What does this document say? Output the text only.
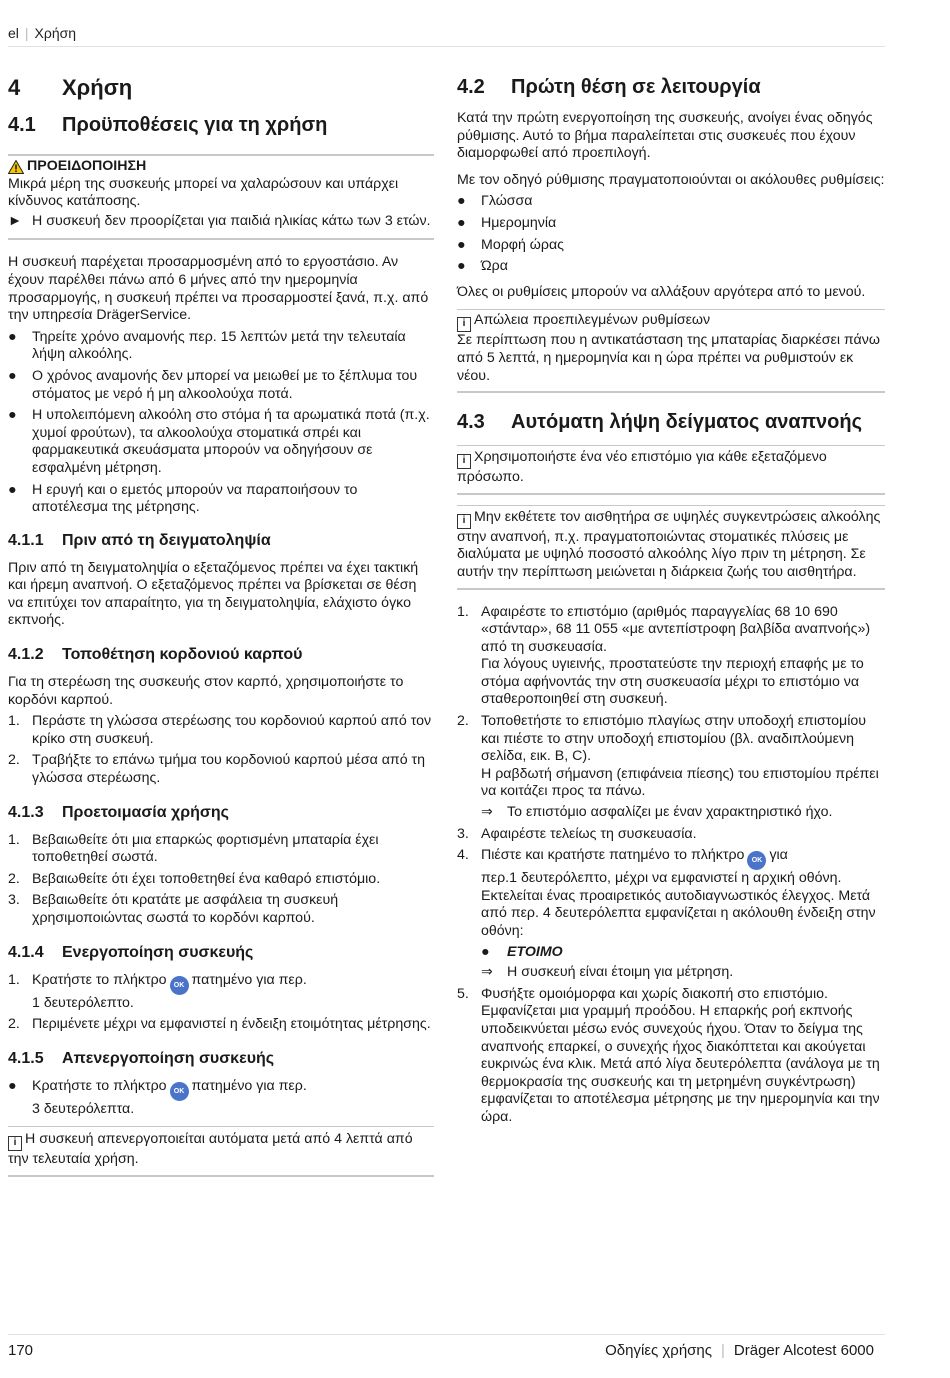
el | Χρήση
4	Χρήση
4.1	Προϋποθέσεις για τη χρήση
ΠΡΟΕΙΔΟΠΟΙΗΣΗ

Μικρά μέρη της συσκευής μπορεί να χαλαρώσουν και υπάρχει κίνδυνος κατάποσης.

► Η συσκευή δεν προορίζεται για παιδιά ηλικίας κάτω των 3 ετών.

Η συσκευή παρέχεται προσαρμοσμένη από το εργοστάσιο. Αν έχουν παρέλθει πάνω από 6 μήνες από την ημερομηνία προσαρμογής, η συσκευή πρέπει να προσαρμοστεί ξανά, π.χ. από την υπηρεσία DrägerService.

●	Τηρείτε χρόνο αναμονής περ. 15 λεπτών μετά την τελευταία λήψη αλκοόλης.
●	Ο χρόνος αναμονής δεν μπορεί να μειωθεί με το ξέπλυμα του στόματος με νερό ή μη αλκοολούχα ποτά.
●	Η υπολειπόμενη αλκοόλη στο στόμα ή τα αρωματικά ποτά (π.χ. χυμοί φρούτων), τα αλκοολούχα στοματικά σπρέι και φαρμακευτικά σκευάσματα μπορούν να οδηγήσουν σε εσφαλμένη μέτρηση.
●	Η ερυγή και ο εμετός μπορούν να παραποιήσουν το αποτέλεσμα της μέτρησης.
4.1.1	Πριν από τη δειγματοληψία

Πριν από τη δειγματοληψία ο εξεταζόμενος πρέπει να έχει τακτική και ήρεμη αναπνοή. Ο εξεταζόμενος πρέπει να βρίσκεται σε θέση να επιτύχει τον απαραίτητο, για τη δειγματοληψία, ελάχιστο όγκο εκπνοής.

4.1.2	Τοποθέτηση κορδονιού καρπού

Για τη στερέωση της συσκευής στον καρπό, χρησιμοποιήστε το κορδόνι καρπού.

1. Περάστε τη γλώσσα στερέωσης του κορδονιού καρπού από τον κρίκο στη συσκευή.
2. Τραβήξτε το επάνω τμήμα του κορδονιού καρπού μέσα από τη γλώσσα στερέωσης.
4.1.3	Προετοιμασία χρήσης
1. Βεβαιωθείτε ότι μια επαρκώς φορτισμένη μπαταρία έχει τοποθετηθεί σωστά.
2. Βεβαιωθείτε ότι έχει τοποθετηθεί ένα καθαρό επιστόμιο.
3. Βεβαιωθείτε ότι κρατάτε με ασφάλεια τη συσκευή χρησιμοποιώντας σωστά το κορδόνι καρπού.
4.1.4	Ενεργοποίηση συσκευής
1. Κρατήστε το πλήκτρο OK πατημένο για περ.
1 δευτερόλεπτο.
2. Περιμένετε μέχρι να εμφανιστεί η ένδειξη ετοιμότητας μέτρησης.
4.1.5	Απενεργοποίηση συσκευής
●	Κρατήστε το πλήκτρο OK πατημένο για περ.
3 δευτερόλεπτα.

i Η συσκευή απενεργοποιείται αυτόματα μετά από 4 λεπτά από την τελευταία χρήση.

4.2	Πρώτη θέση σε λειτουργία

Κατά την πρώτη ενεργοποίηση της συσκευής, ανοίγει ένας οδηγός ρύθμισης. Αυτό το βήμα παραλείπεται στις συσκευές που έχουν διαμορφωθεί από προεπιλογή.

Με τον οδηγό ρύθμισης πραγματοποιούνται οι ακόλουθες ρυθμίσεις:

●	Γλώσσα
●	Ημερομηνία
●	Μορφή ώρας
●	Ώρα

Όλες οι ρυθμίσεις μπορούν να αλλάξουν αργότερα από το μενού.

i Απώλεια προεπιλεγμένων ρυθμίσεων

Σε περίπτωση που η αντικατάσταση της μπαταρίας διαρκέσει πάνω από 5 λεπτά, η ημερομηνία και η ώρα πρέπει να ρυθμιστούν εκ νέου.

4.3	Αυτόματη λήψη δείγματος αναπνοής

i Χρησιμοποιήστε ένα νέο επιστόμιο για κάθε εξεταζόμενο πρόσωπο.

i Μην εκθέτετε τον αισθητήρα σε υψηλές συγκεντρώσεις αλκοόλης στην αναπνοή, π.χ. πραγματοποιώντας στοματικές πλύσεις με διαλύματα με υψηλό ποσοστό αλκοόλης λίγο πριν τη μέτρηση. Σε αυτήν την περίπτωση μειώνεται η διάρκεια ζωής του αισθητήρα.

1. Αφαιρέστε το επιστόμιο (αριθμός παραγγελίας 68 10 690 «στάνταρ», 68 11 055 «με αντεπίστροφη βαλβίδα αναπνοής») από τη συσκευασία.
Για λόγους υγιεινής, προστατεύστε την περιοχή επαφής με το στόμα αφήνοντάς την στη συσκευασία μέχρι το επιστόμιο να σταθεροποιηθεί στη συσκευή.
2. Τοποθετήστε το επιστόμιο πλαγίως στην υποδοχή επιστομίου και πιέστε το στην υποδοχή επιστομίου (βλ. αναδιπλούμενη σελίδα, εικ. B, C).
Η ραβδωτή σήμανση (επιφάνεια πίεσης) του επιστομίου πρέπει να κοιτάζει προς τα πάνω.
⇒ Το επιστόμιο ασφαλίζει με έναν χαρακτηριστικό ήχο.
3. Αφαιρέστε τελείως τη συσκευασία.
4. Πιέστε και κρατήστε πατημένο το πλήκτρο OK για
περ.1 δευτερόλεπτο, μέχρι να εμφανιστεί η αρχική οθόνη. Εκτελείται ένας προαιρετικός αυτοδιαγνωστικός έλεγχος. Μετά από περ. 4 δευτερόλεπτα εμφανίζεται η ακόλουθη ένδειξη στην οθόνη:
●	ΕΤΟΙΜΟ
⇒ Η συσκευή είναι έτοιμη για μέτρηση.
5. Φυσήξτε ομοιόμορφα και χωρίς διακοπή στο επιστόμιο. Εμφανίζεται μια γραμμή προόδου. Η επαρκής ροή εκπνοής υποδεικνύεται μέσω ενός συνεχούς ήχου. Όταν το δείγμα της αναπνοής επαρκεί, ο συνεχής ήχος διακόπτεται και ακούγεται ευκρινώς ένα κλικ. Μετά από λίγα δευτερόλεπτα (ανάλογα με τη θερμοκρασία της συσκευής και τη μετρημένη συγκέντρωση) εμφανίζεται το αποτέλεσμα μέτρησης με την ημερομηνία και την ώρα.
170	Οδηγίες χρήσης | Dräger Alcotest 6000
